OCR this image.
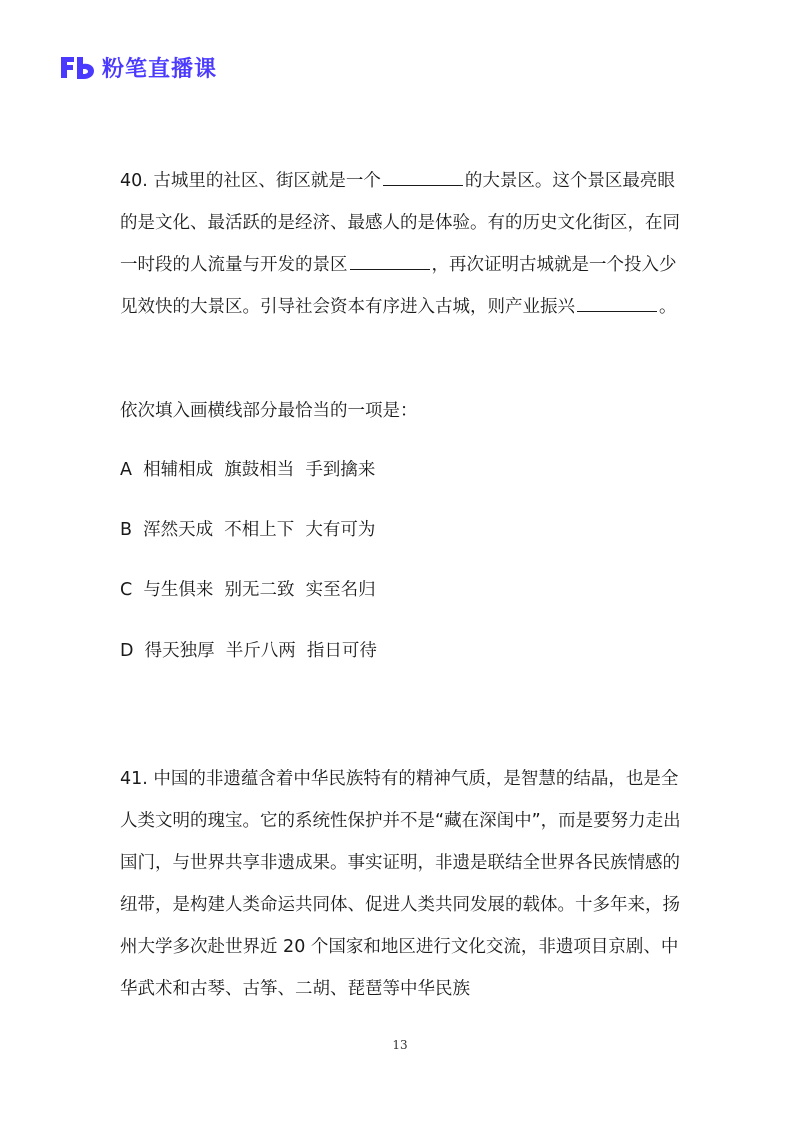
粉笔直播课
40. 古城里的社区、街区就是一个	的大景区。这个景区最亮眼的是文化、最活跃的是经济、最感人的是体验。有的历史文化街区，在同一时段的人流量与开发的景区	，再次证明古城就是一个投入少见效快的大景区。引导社会资本有序进入古城，则产业振兴	。
依次填入画横线部分最恰当的一项是：
A  相辅相成  旗鼓相当  手到擒来
B  浑然天成  不相上下  大有可为
C  与生俱来  别无二致  实至名归
D  得天独厚  半斤八两  指日可待
41. 中国的非遗蕴含着中华民族特有的精神气质，是智慧的结晶，也是全人类文明的瑰宝。它的系统性保护并不是“藏在深闺中”，而是要努力走出国门，与世界共享非遗成果。事实证明，非遗是联结全世界各民族情感的纽带，是构建人类命运共同体、促进人类共同发展的载体。十多年来，扬州大学多次赴世界近 20 个国家和地区进行文化交流，非遗项目京剧、中华武术和古琴、古筝、二胡、琵琶等中华民族
13
